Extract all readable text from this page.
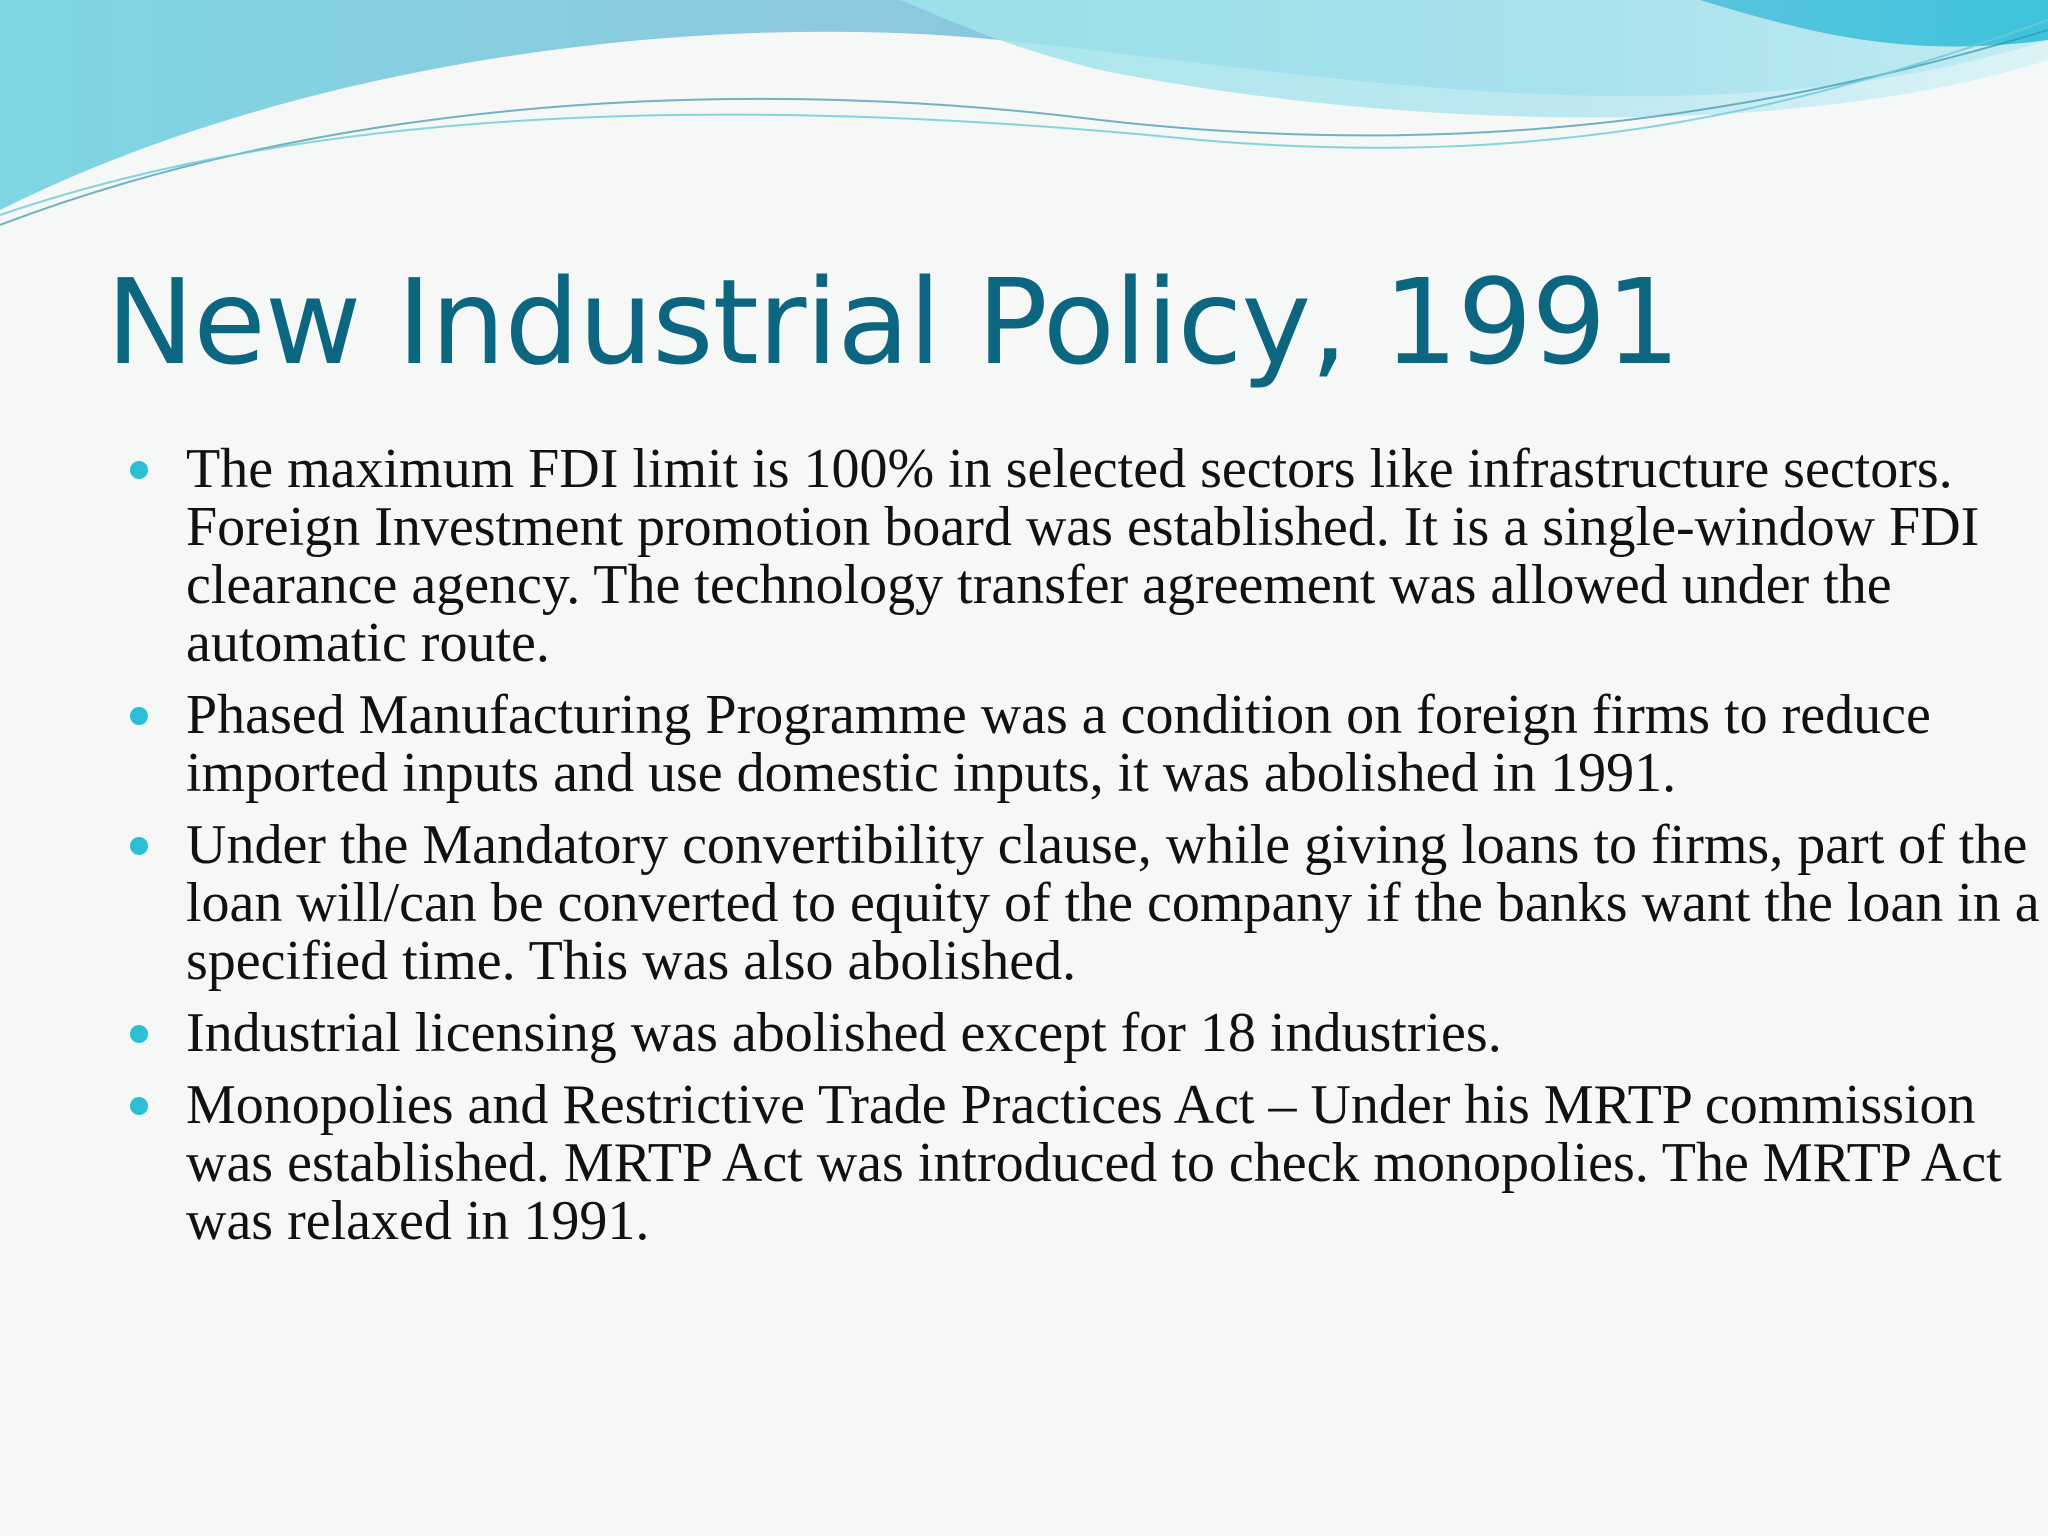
New Industrial Policy, 1991
The maximum FDI limit is 100% in selected sectors like infrastructure sectors. Foreign Investment promotion board was established. It is a single-window FDI clearance agency. The technology transfer agreement was allowed under the automatic route.
Phased Manufacturing Programme was a condition on foreign firms to reduce imported inputs and use domestic inputs, it was abolished in 1991.
Under the Mandatory convertibility clause, while giving loans to firms, part of the loan will/can be converted to equity of the company if the banks want the loan in a specified time. This was also abolished.
Industrial licensing was abolished except for 18 industries.
Monopolies and Restrictive Trade Practices Act – Under his MRTP commission was established. MRTP Act was introduced to check monopolies. The MRTP Act was relaxed in 1991.
